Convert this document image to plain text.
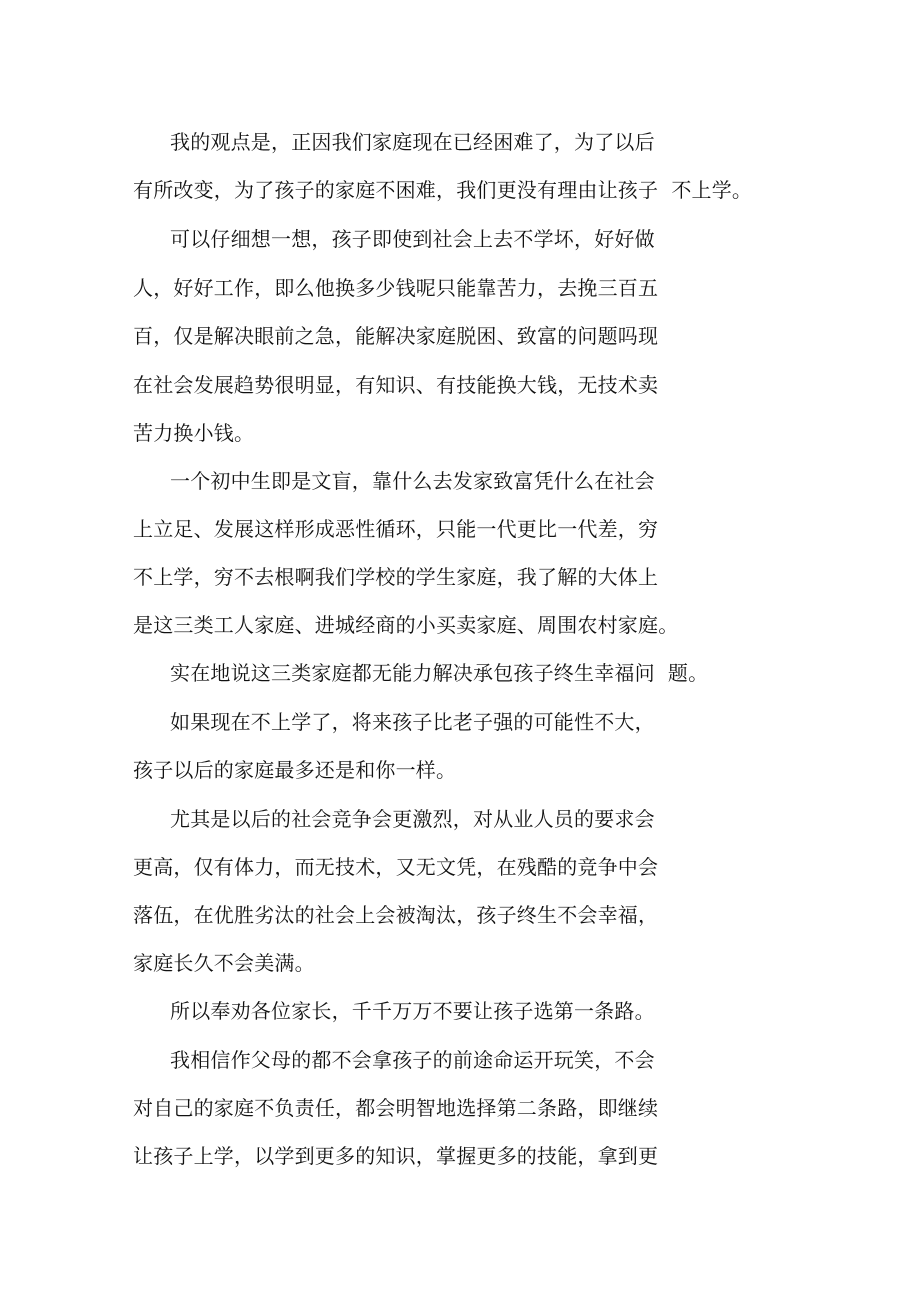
我的观点是，正因我们家庭现在已经困难了，为了以后
有所改变，为了孩子的家庭不困难，我们更没有理由让孩子  不上学。
可以仔细想一想，孩子即使到社会上去不学坏，好好做
人，好好工作，即么他换多少钱呢只能靠苦力，去挽三百五
百，仅是解决眼前之急，能解决家庭脱困、致富的问题吗现
在社会发展趋势很明显，有知识、有技能换大钱，无技术卖
苦力换小钱。
一个初中生即是文盲，靠什么去发家致富凭什么在社会
上立足、发展这样形成恶性循环，只能一代更比一代差，穷
不上学，穷不去根啊我们学校的学生家庭，我了解的大体上
是这三类工人家庭、进城经商的小买卖家庭、周围农村家庭。
实在地说这三类家庭都无能力解决承包孩子终生幸福问  题。
如果现在不上学了，将来孩子比老子强的可能性不大，
孩子以后的家庭最多还是和你一样。
尤其是以后的社会竞争会更激烈，对从业人员的要求会
更高，仅有体力，而无技术，又无文凭，在残酷的竞争中会
落伍，在优胜劣汰的社会上会被淘汰，孩子终生不会幸福，
家庭长久不会美满。
所以奉劝各位家长，千千万万不要让孩子选第一条路。
我相信作父母的都不会拿孩子的前途命运开玩笑，不会
对自己的家庭不负责任，都会明智地选择第二条路，即继续
让孩子上学，以学到更多的知识，掌握更多的技能，拿到更
